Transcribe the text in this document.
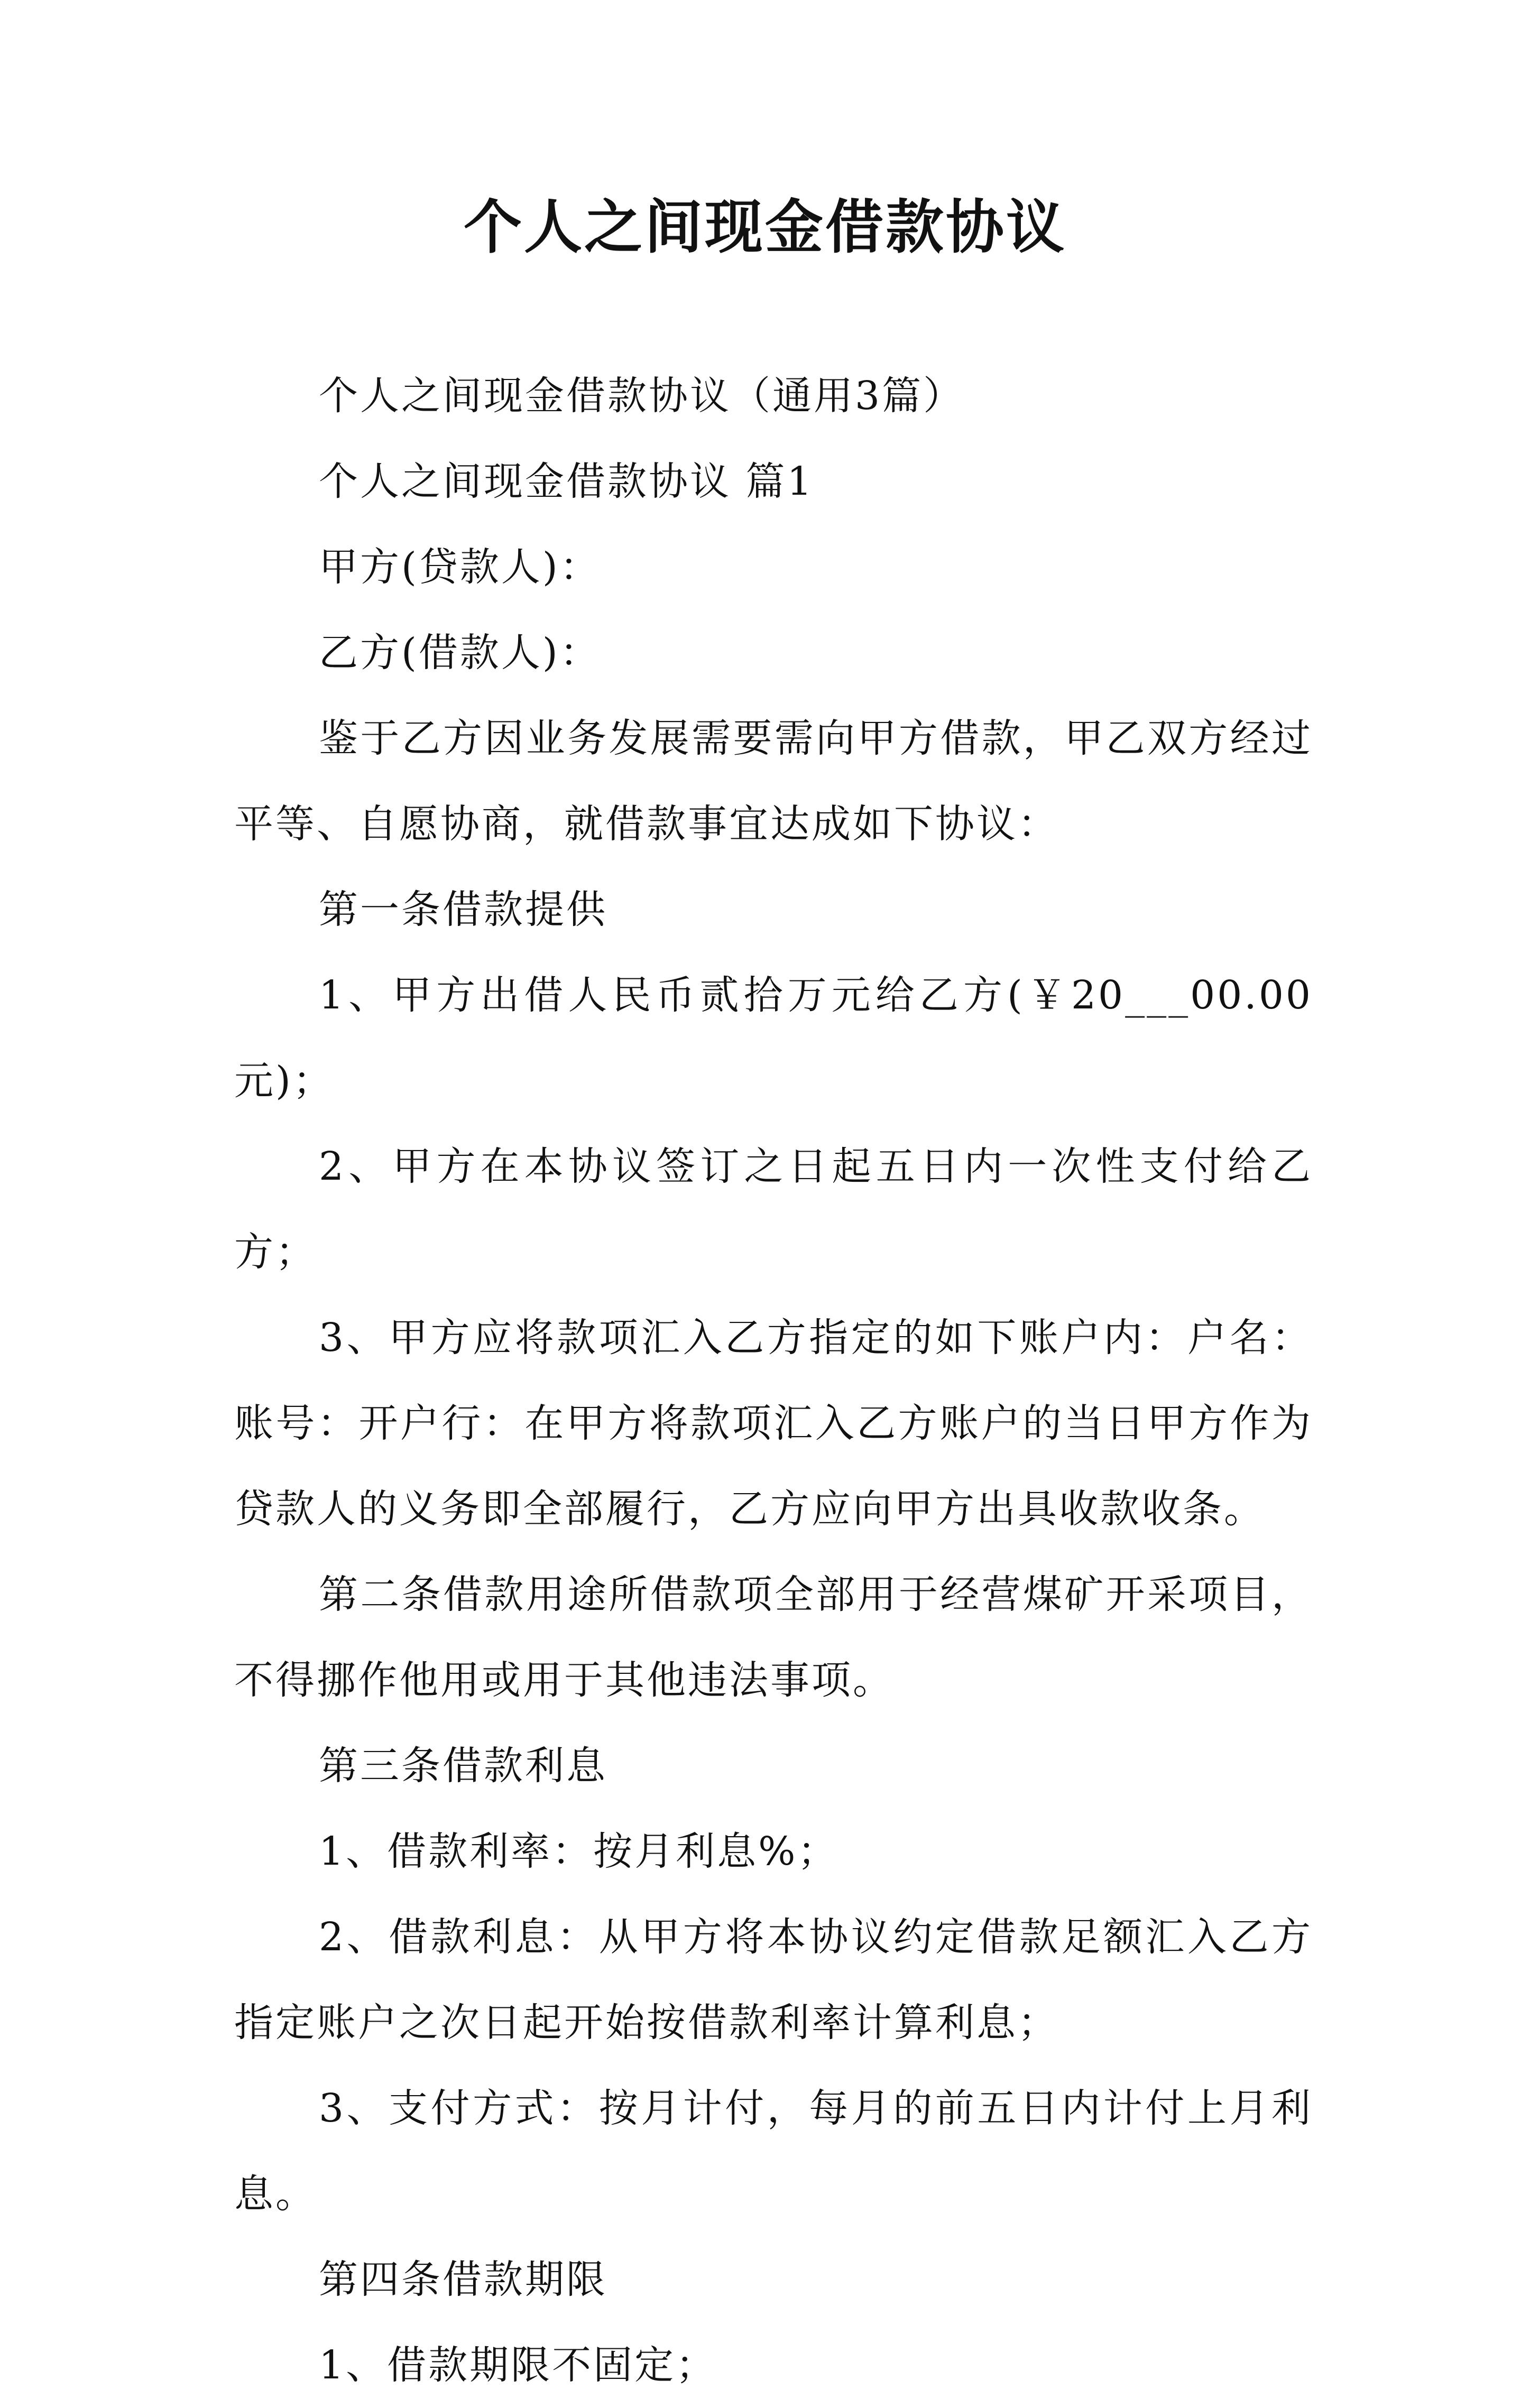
个人之间现金借款协议

个人之间现金借款协议（通用3篇）

个人之间现金借款协议 篇1

甲方(贷款人)：

乙方(借款人)：

鉴于乙方因业务发展需要需向甲方借款，甲乙双方经过平等、自愿协商，就借款事宜达成如下协议：

第一条借款提供

1、甲方出借人民币贰拾万元给乙方(￥20___00.00元)；

2、甲方在本协议签订之日起五日内一次性支付给乙方；

3、甲方应将款项汇入乙方指定的如下账户内：户名：账号：开户行：在甲方将款项汇入乙方账户的当日甲方作为贷款人的义务即全部履行，乙方应向甲方出具收款收条。

第二条借款用途所借款项全部用于经营煤矿开采项目，不得挪作他用或用于其他违法事项。

第三条借款利息

1、借款利率：按月利息%；

2、借款利息：从甲方将本协议约定借款足额汇入乙方指定账户之次日起开始按借款利率计算利息；

3、支付方式：按月计付，每月的前五日内计付上月利息。

第四条借款期限

1、借款期限不固定；
